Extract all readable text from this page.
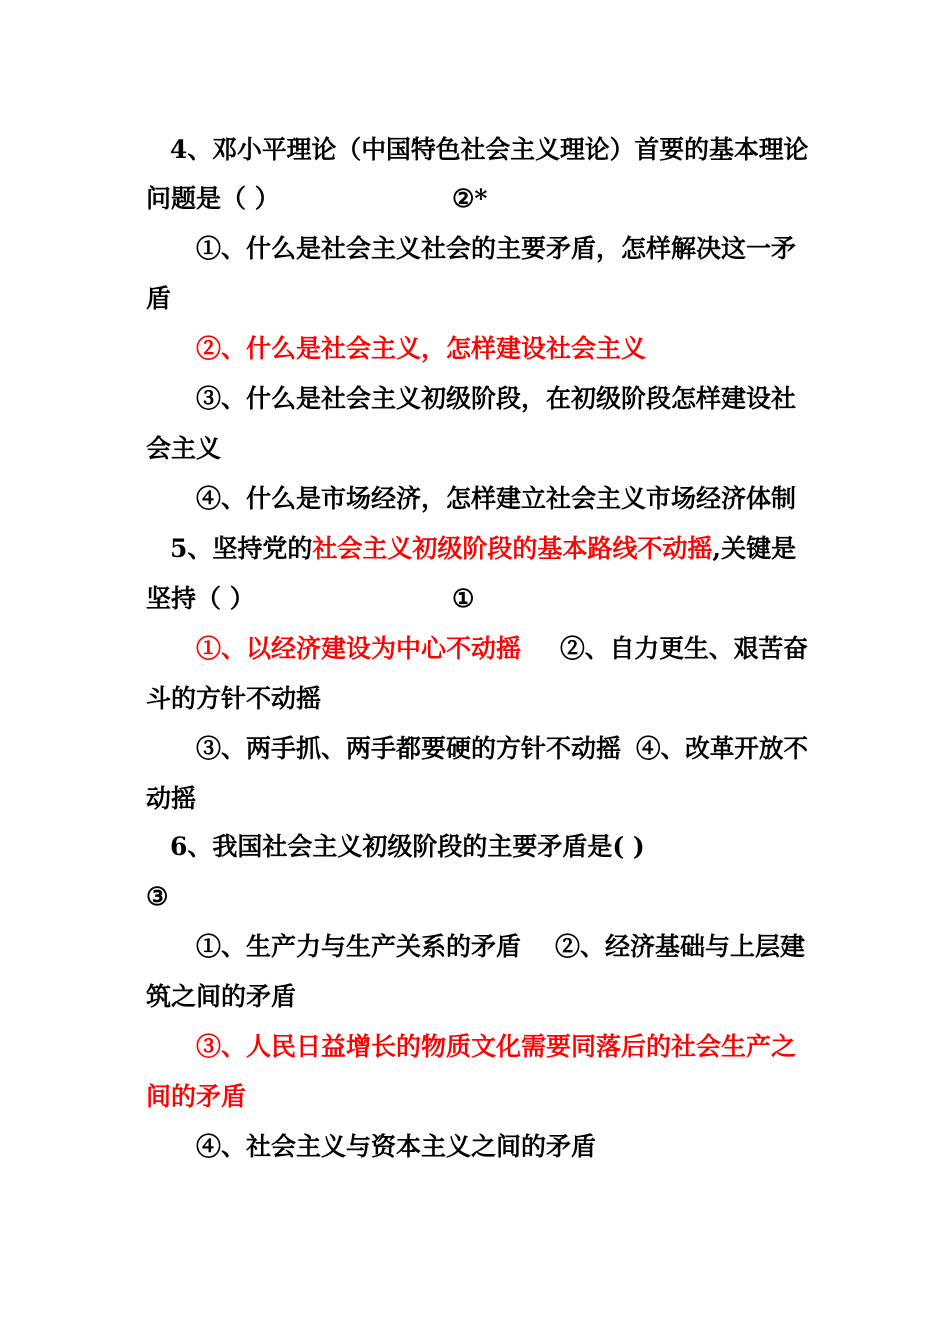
4、邓小平理论（中国特色社会主义理论）首要的基本理论
问题是（ ）	②*
①、什么是社会主义社会的主要矛盾，怎样解决这一矛
盾
②、什么是社会主义，怎样建设社会主义
③、什么是社会主义初级阶段，在初级阶段怎样建设社
会主义
④、什么是市场经济，怎样建立社会主义市场经济体制
5、坚持党的社会主义初级阶段的基本路线不动摇,关键是
坚持（ ）	①
①、以经济建设为中心不动摇 ②、自力更生、艰苦奋
斗的方针不动摇
③、两手抓、两手都要硬的方针不动摇 ④、改革开放不
动摇
6、我国社会主义初级阶段的主要矛盾是( )
③
①、生产力与生产关系的矛盾 ②、经济基础与上层建
筑之间的矛盾
③、人民日益增长的物质文化需要同落后的社会生产之
间的矛盾
④、社会主义与资本主义之间的矛盾
